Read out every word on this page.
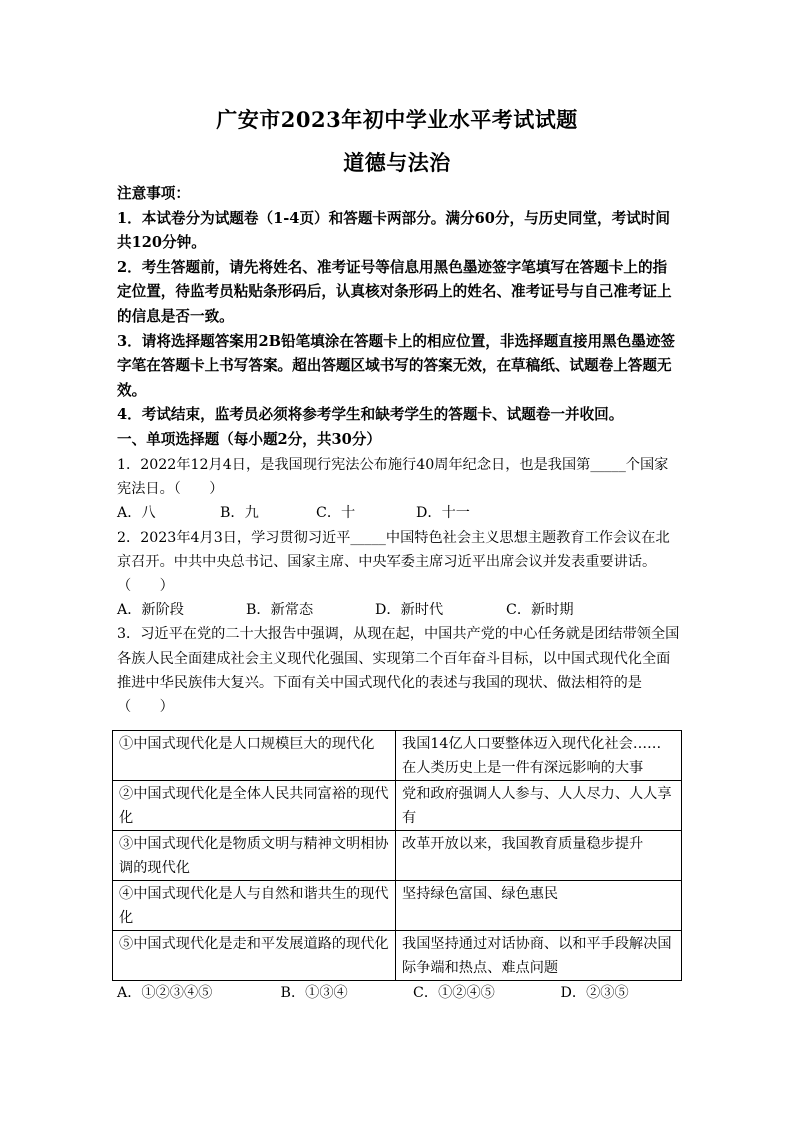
广安市2023年初中学业水平考试试题
道德与法治

注意事项：

1．本试卷分为试题卷（1-4页）和答题卡两部分。满分60分，与历史同堂，考试时间共120分钟。

2．考生答题前，请先将姓名、准考证号等信息用黑色墨迹签字笔填写在答题卡上的指定位置，待监考员粘贴条形码后，认真核对条形码上的姓名、准考证号与自己准考证上的信息是否一致。

3．请将选择题答案用2B铅笔填涂在答题卡上的相应位置，非选择题直接用黑色墨迹签字笔在答题卡上书写答案。超出答题区域书写的答案无效，在草稿纸、试题卷上答题无效。

4．考试结束，监考员必须将参考学生和缺考学生的答题卡、试题卷一并收回。

一、单项选择题（每小题2分，共30分）

1．2022年12月4日，是我国现行宪法公布施行40周年纪念日，也是我国第_____个国家宪法日。（　　）

A．八	B．九	C．十	D．十一

2．2023年4月3日，学习贯彻习近平_____中国特色社会主义思想主题教育工作会议在北京召开。中共中央总书记、国家主席、中央军委主席习近平出席会议并发表重要讲话。（　　）

A．新阶段	B．新常态	D．新时代	C．新时期

3．习近平在党的二十大报告中强调，从现在起，中国共产党的中心任务就是团结带领全国各族人民全面建成社会主义现代化强国、实现第二个百年奋斗目标，以中国式现代化全面推进中华民族伟大复兴。下面有关中国式现代化的表述与我国的现状、做法相符的是

（　　）

①中国式现代化是人口规模巨大的现代化	我国14亿人口要整体迈入现代化社会……在人类历史上是一件有深远影响的大事
②中国式现代化是全体人民共同富裕的现代化	党和政府强调人人参与、人人尽力、人人享有
③中国式现代化是物质文明与精神文明相协调的现代化	改革开放以来，我国教育质量稳步提升
④中国式现代化是人与自然和谐共生的现代化	坚持绿色富国、绿色惠民
⑤中国式现代化是走和平发展道路的现代化	我国坚持通过对话协商、以和平手段解决国际争端和热点、难点问题
A．①②③④⑤	B．①③④	C．①②④⑤	D．②③⑤
